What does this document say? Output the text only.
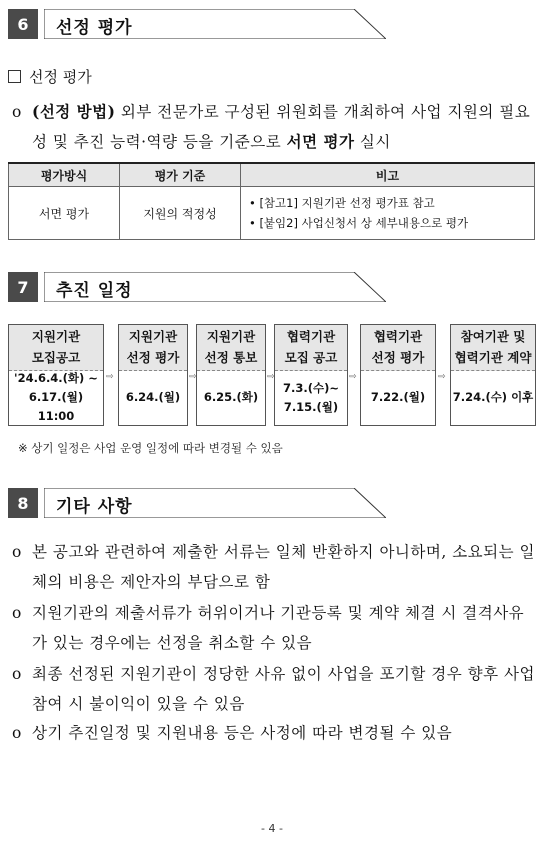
6	선정 평가
선정 평가
o (선정 방법) 외부 전문가로 구성된 위원회를 개최하여 사업 지원의 필요성 및 추진 능력·역량 등을 기준으로 서면 평가 실시
평가방식	평가 기준	비고
서면 평가	지원의 적정성	• [참고1] 지원기관 선정 평가표 참고
• [붙임2] 사업신청서 상 세부내용으로 평가
7	추진 일정
지원기관
모집공고
'24.6.4.(화) ~
6.17.(월) 11:00
⇨
지원기관
선정 평가
6.24.(월)
⇨
지원기관
선정 통보
6.25.(화)
⇨
협력기관
모집 공고
7.3.(수)~
7.15.(월)
⇨
협력기관
선정 평가
7.22.(월)
⇨
참여기관 및
협력기관 계약
7.24.(수) 이후
※ 상기 일정은 사업 운영 일정에 따라 변경될 수 있음
8	기타 사항
o 본 공고와 관련하여 제출한 서류는 일체 반환하지 아니하며, 소요되는 일체의 비용은 제안자의 부담으로 함
o 지원기관의 제출서류가 허위이거나 기관등록 및 계약 체결 시 결격사유가 있는 경우에는 선정을 취소할 수 있음
o 최종 선정된 지원기관이 정당한 사유 없이 사업을 포기할 경우 향후 사업 참여 시 불이익이 있을 수 있음
o 상기 추진일정 및 지원내용 등은 사정에 따라 변경될 수 있음
- 4 -
